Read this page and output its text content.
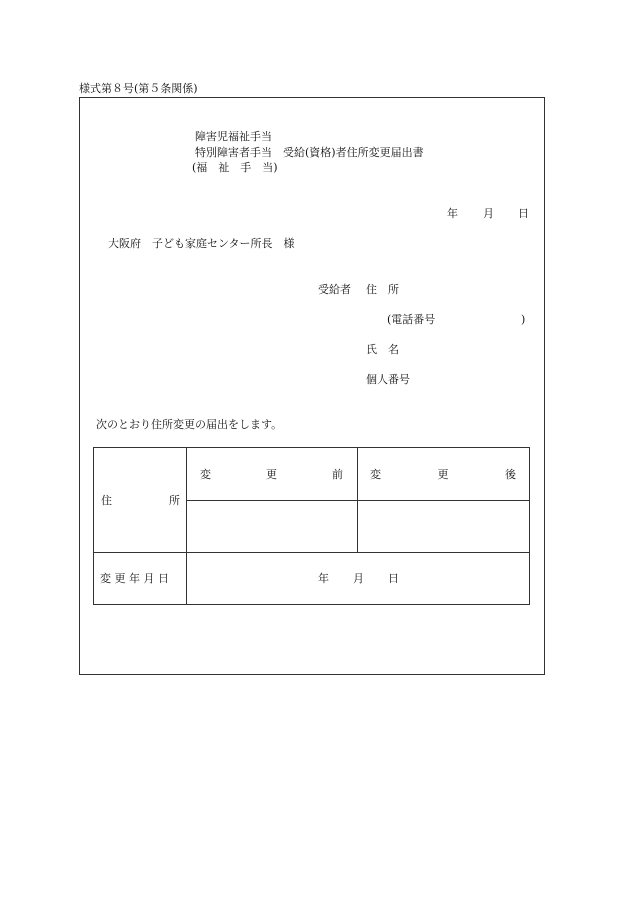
様式第８号(第５条関係)
障害児福祉手当
特別障害者手当　受給(資格)者住所変更届出書
(福　祉　手　当)
年 月 日
大阪府　子ども家庭センター所長　様
受給者 住　所
(電話番号	)
氏　名
個人番号
次のとおり住所変更の届出をします。
住　　　所
変　　　更　　　前 変　　　更　　　後
変 更 年 月 日	年 月 日
